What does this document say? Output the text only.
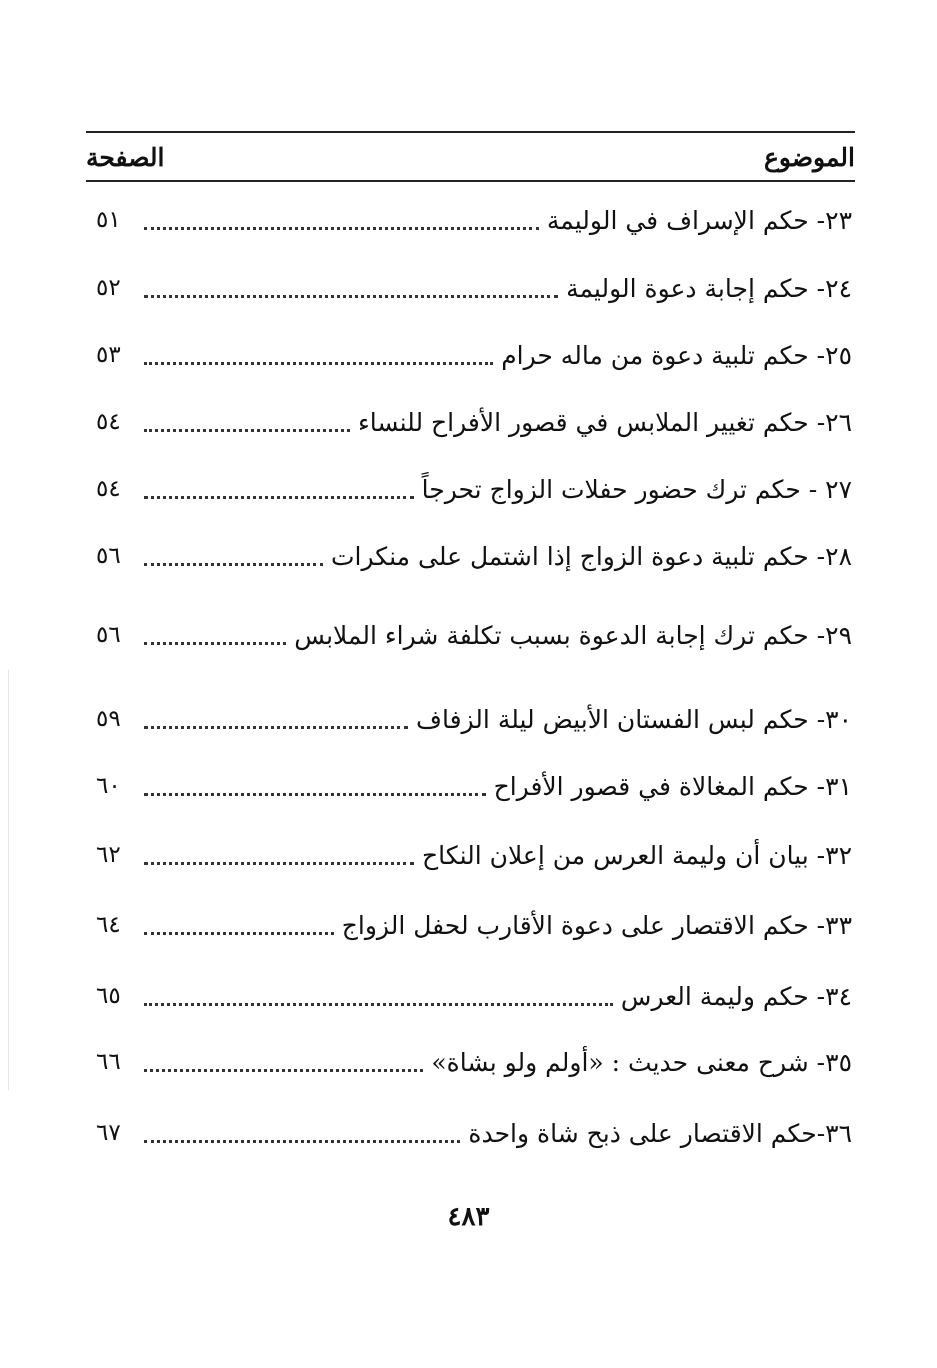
الموضوع
الصفحة
٢٣- حكم الإسراف في الوليمة
٥١
٢٤- حكم إجابة دعوة الوليمة
٥٢
٢٥- حكم تلبية دعوة من ماله حرام
٥٣
٢٦- حكم تغيير الملابس في قصور الأفراح للنساء
٥٤
٢٧ - حكم ترك حضور حفلات الزواج تحرجاً
٥٤
٢٨- حكم تلبية دعوة الزواج إذا اشتمل على منكرات
٥٦
٢٩- حكم ترك إجابة الدعوة بسبب تكلفة شراء الملابس
٥٦
٣٠- حكم لبس الفستان الأبيض ليلة الزفاف
٥٩
٣١- حكم المغالاة في قصور الأفراح
٦٠
٣٢- بيان أن وليمة العرس من إعلان النكاح
٦٢
٣٣- حكم الاقتصار على دعوة الأقارب لحفل الزواج
٦٤
٣٤- حكم وليمة العرس
٦٥
٣٥- شرح معنى حديث : «أولم ولو بشاة»
٦٦
٣٦-حكم الاقتصار على ذبح شاة واحدة
٦٧
٤٨٣
